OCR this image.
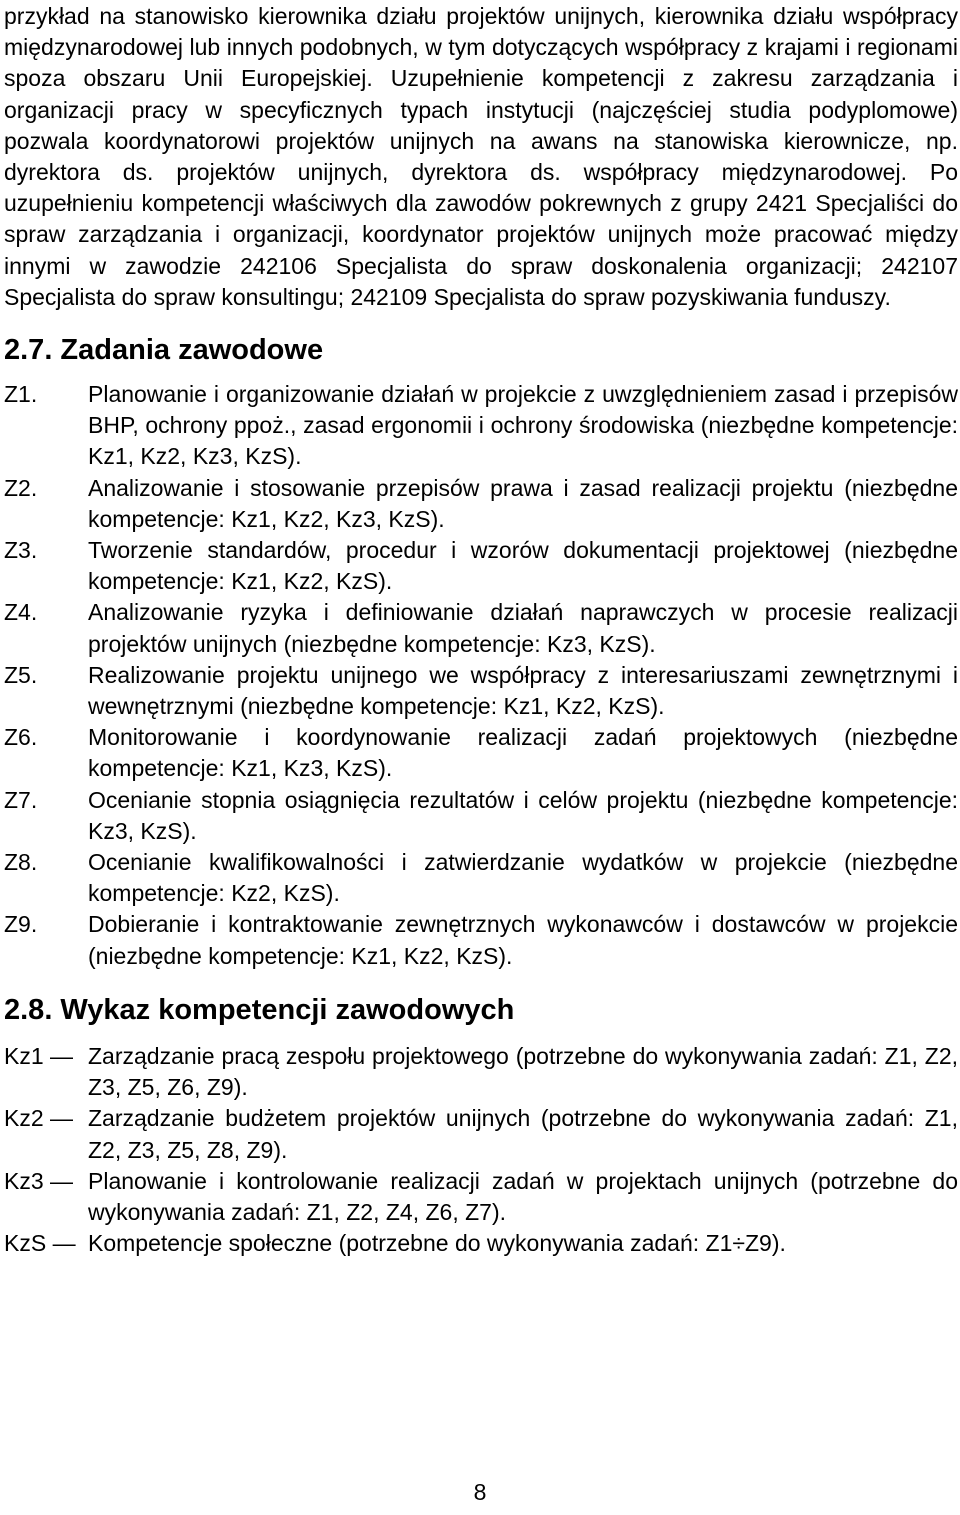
przykład na stanowisko kierownika działu projektów unijnych, kierownika działu współpracy międzynarodowej lub innych podobnych, w tym dotyczących współpracy z krajami i regionami spoza obszaru Unii Europejskiej. Uzupełnienie kompetencji z zakresu zarządzania i organizacji pracy w specyficznych typach instytucji (najczęściej studia podyplomowe) pozwala koordynatorowi projektów unijnych na awans na stanowiska kierownicze, np. dyrektora ds. projektów unijnych, dyrektora ds. współpracy międzynarodowej. Po uzupełnieniu kompetencji właściwych dla zawodów pokrewnych z grupy 2421 Specjaliści do spraw zarządzania i organizacji, koordynator projektów unijnych może pracować między innymi w zawodzie 242106 Specjalista do spraw doskonalenia organizacji; 242107 Specjalista do spraw konsultingu; 242109 Specjalista do spraw pozyskiwania funduszy.

2.7. Zadania zawodowe
Z1.	Planowanie i organizowanie działań w projekcie z uwzględnieniem zasad i przepisów BHP, ochrony ppoż., zasad ergonomii i ochrony środowiska (niezbędne kompetencje: Kz1, Kz2, Kz3, KzS).
Z2.	Analizowanie i stosowanie przepisów prawa i zasad realizacji projektu (niezbędne kompetencje: Kz1, Kz2, Kz3, KzS).
Z3.	Tworzenie standardów, procedur i wzorów dokumentacji projektowej (niezbędne kompetencje: Kz1, Kz2, KzS).
Z4.	Analizowanie ryzyka i definiowanie działań naprawczych w procesie realizacji projektów unijnych (niezbędne kompetencje: Kz3, KzS).
Z5.	Realizowanie projektu unijnego we współpracy z interesariuszami zewnętrznymi i wewnętrznymi (niezbędne kompetencje: Kz1, Kz2, KzS).
Z6.	Monitorowanie i koordynowanie realizacji zadań projektowych (niezbędne kompetencje: Kz1, Kz3, KzS).
Z7.	Ocenianie stopnia osiągnięcia rezultatów i celów projektu (niezbędne kompetencje: Kz3, KzS).
Z8.	Ocenianie kwalifikowalności i zatwierdzanie wydatków w projekcie (niezbędne kompetencje: Kz2, KzS).
Z9.	Dobieranie i kontraktowanie zewnętrznych wykonawców i dostawców w projekcie (niezbędne kompetencje: Kz1, Kz2, KzS).
2.8. Wykaz kompetencji zawodowych
Kz1 — Zarządzanie pracą zespołu projektowego (potrzebne do wykonywania zadań: Z1, Z2, Z3, Z5, Z6, Z9).
Kz2 — Zarządzanie budżetem projektów unijnych (potrzebne do wykonywania zadań: Z1, Z2, Z3, Z5, Z8, Z9).
Kz3 — Planowanie i kontrolowanie realizacji zadań w projektach unijnych (potrzebne do wykonywania zadań: Z1, Z2, Z4, Z6, Z7).
KzS — Kompetencje społeczne (potrzebne do wykonywania zadań: Z1÷Z9).
8
